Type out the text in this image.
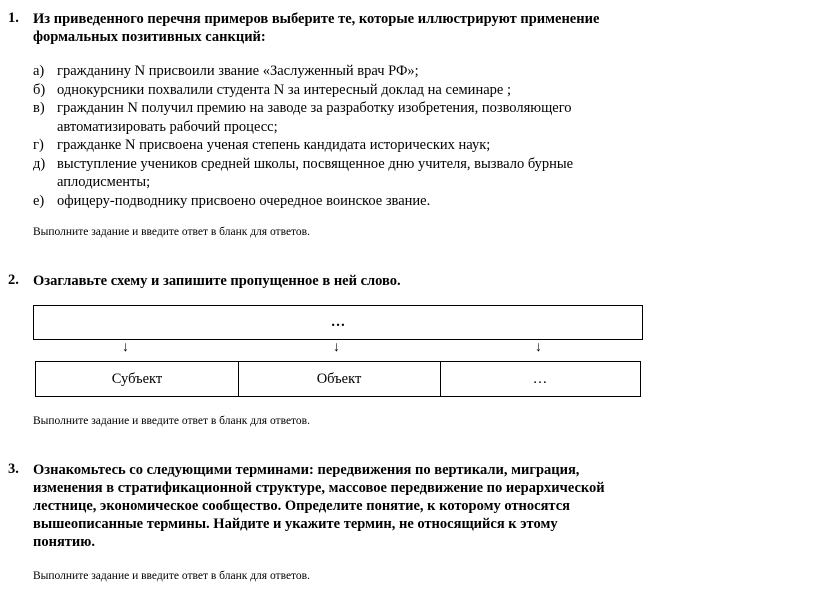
1. Из приведенного перечня примеров выберите те, которые иллюстрируют применение
формальных позитивных санкций:
а) гражданину N присвоили звание «Заслуженный врач РФ»;
б) однокурсники похвалили студента N за интересный доклад на семинаре ;
в) гражданин N получил премию на заводе за разработку изобретения, позволяющего
автоматизировать рабочий процесс;
г) гражданке N присвоена ученая степень кандидата исторических наук;
д) выступление учеников средней школы, посвященное дню учителя, вызвало бурные
аплодисменты;
е) офицеру-подводнику присвоено очередное воинское звание.
Выполните задание и введите ответ в бланк для ответов.
2. Озаглавьте схему и запишите пропущенное в ней слово.
…
↓	↓	↓
Субъект	Объект	…
Выполните задание и введите ответ в бланк для ответов.
3. Ознакомьтесь со следующими терминами: передвижения по вертикали, миграция,
изменения в стратификационной структуре, массовое передвижение по иерархической
лестнице, экономическое сообщество. Определите понятие, к которому относятся
вышеописанные термины. Найдите и укажите термин, не относящийся к этому
понятию.
Выполните задание и введите ответ в бланк для ответов.
